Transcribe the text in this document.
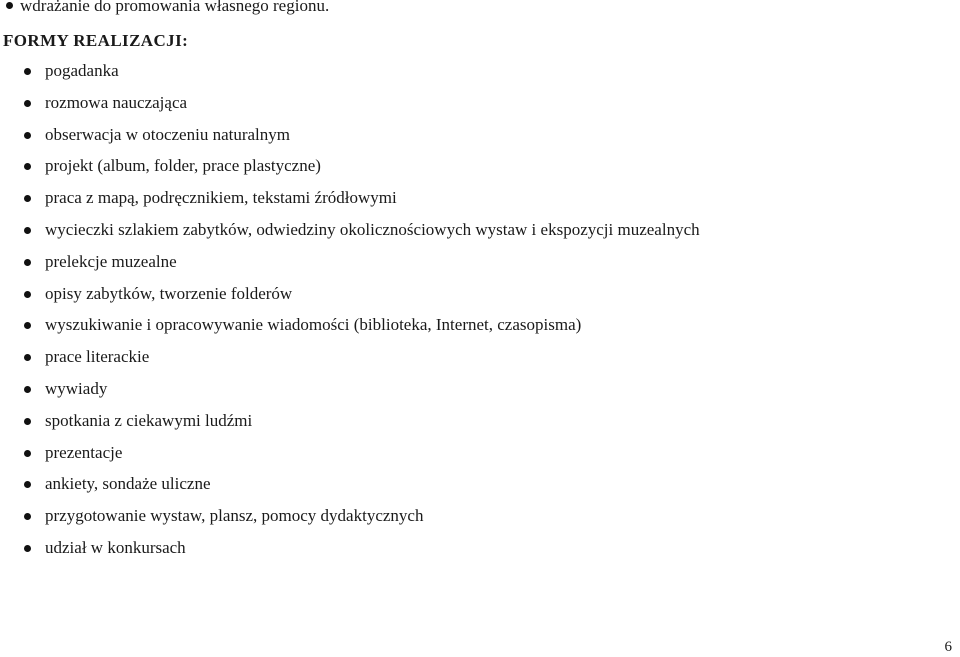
wdrażanie do promowania własnego regionu.
FORMY REALIZACJI:
pogadanka
rozmowa nauczająca
obserwacja w otoczeniu naturalnym
projekt (album, folder, prace plastyczne)
praca z mapą, podręcznikiem, tekstami źródłowymi
wycieczki szlakiem zabytków, odwiedziny okolicznościowych wystaw i ekspozycji muzealnych
prelekcje muzealne
opisy zabytków, tworzenie folderów
wyszukiwanie i opracowywanie wiadomości (biblioteka, Internet, czasopisma)
prace literackie
wywiady
spotkania z ciekawymi ludźmi
prezentacje
ankiety, sondaże uliczne
przygotowanie wystaw, plansz, pomocy dydaktycznych
udział w konkursach
6
